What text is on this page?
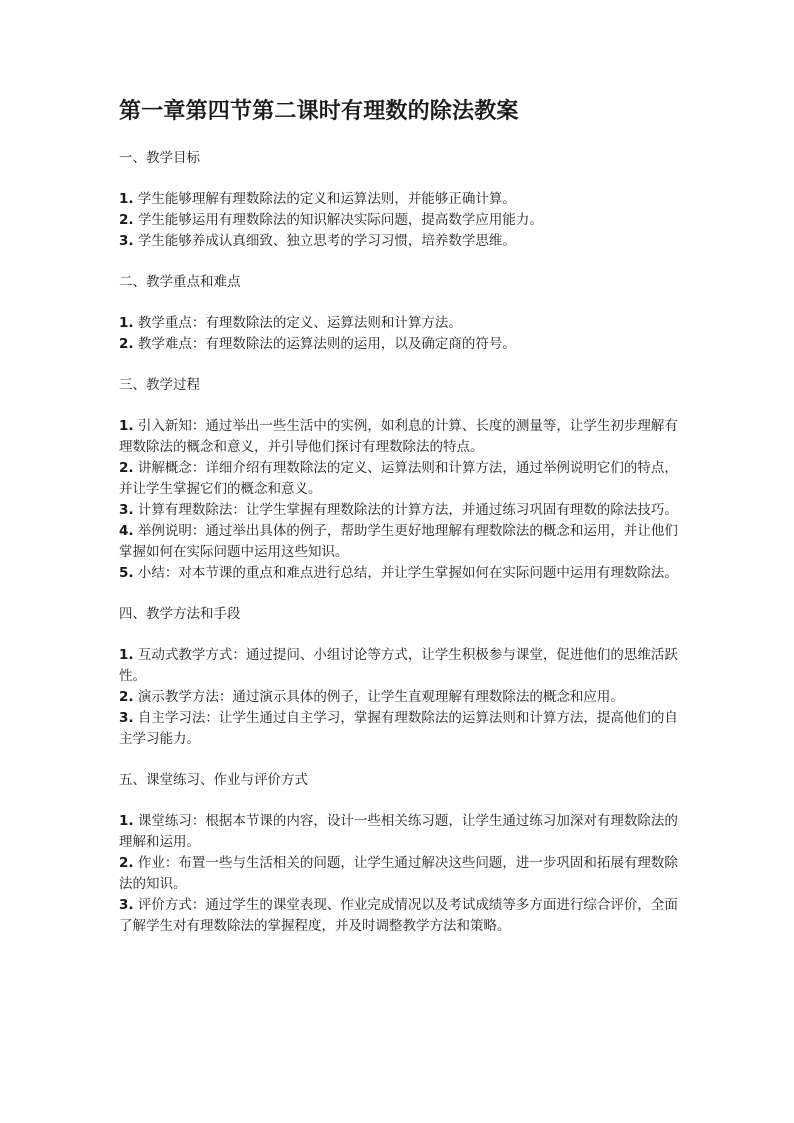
第一章第四节第二课时有理数的除法教案

一、教学目标

1. 学生能够理解有理数除法的定义和运算法则，并能够正确计算。

2. 学生能够运用有理数除法的知识解决实际问题，提高数学应用能力。

3. 学生能够养成认真细致、独立思考的学习习惯，培养数学思维。

二、教学重点和难点

1. 教学重点：有理数除法的定义、运算法则和计算方法。

2. 教学难点：有理数除法的运算法则的运用，以及确定商的符号。

三、教学过程

1. 引入新知：通过举出一些生活中的实例，如利息的计算、长度的测量等，让学生初步理解有理数除法的概念和意义，并引导他们探讨有理数除法的特点。

2. 讲解概念：详细介绍有理数除法的定义、运算法则和计算方法，通过举例说明它们的特点，并让学生掌握它们的概念和意义。

3. 计算有理数除法：让学生掌握有理数除法的计算方法，并通过练习巩固有理数的除法技巧。

4. 举例说明：通过举出具体的例子，帮助学生更好地理解有理数除法的概念和运用，并让他们掌握如何在实际问题中运用这些知识。

5. 小结：对本节课的重点和难点进行总结，并让学生掌握如何在实际问题中运用有理数除法。

四、教学方法和手段

1. 互动式教学方式：通过提问、小组讨论等方式，让学生积极参与课堂，促进他们的思维活跃性。

2. 演示教学方法：通过演示具体的例子，让学生直观理解有理数除法的概念和应用。

3. 自主学习法：让学生通过自主学习，掌握有理数除法的运算法则和计算方法，提高他们的自主学习能力。

五、课堂练习、作业与评价方式

1. 课堂练习：根据本节课的内容，设计一些相关练习题，让学生通过练习加深对有理数除法的理解和运用。

2. 作业：布置一些与生活相关的问题，让学生通过解决这些问题，进一步巩固和拓展有理数除法的知识。

3. 评价方式：通过学生的课堂表现、作业完成情况以及考试成绩等多方面进行综合评价，全面了解学生对有理数除法的掌握程度，并及时调整教学方法和策略。
